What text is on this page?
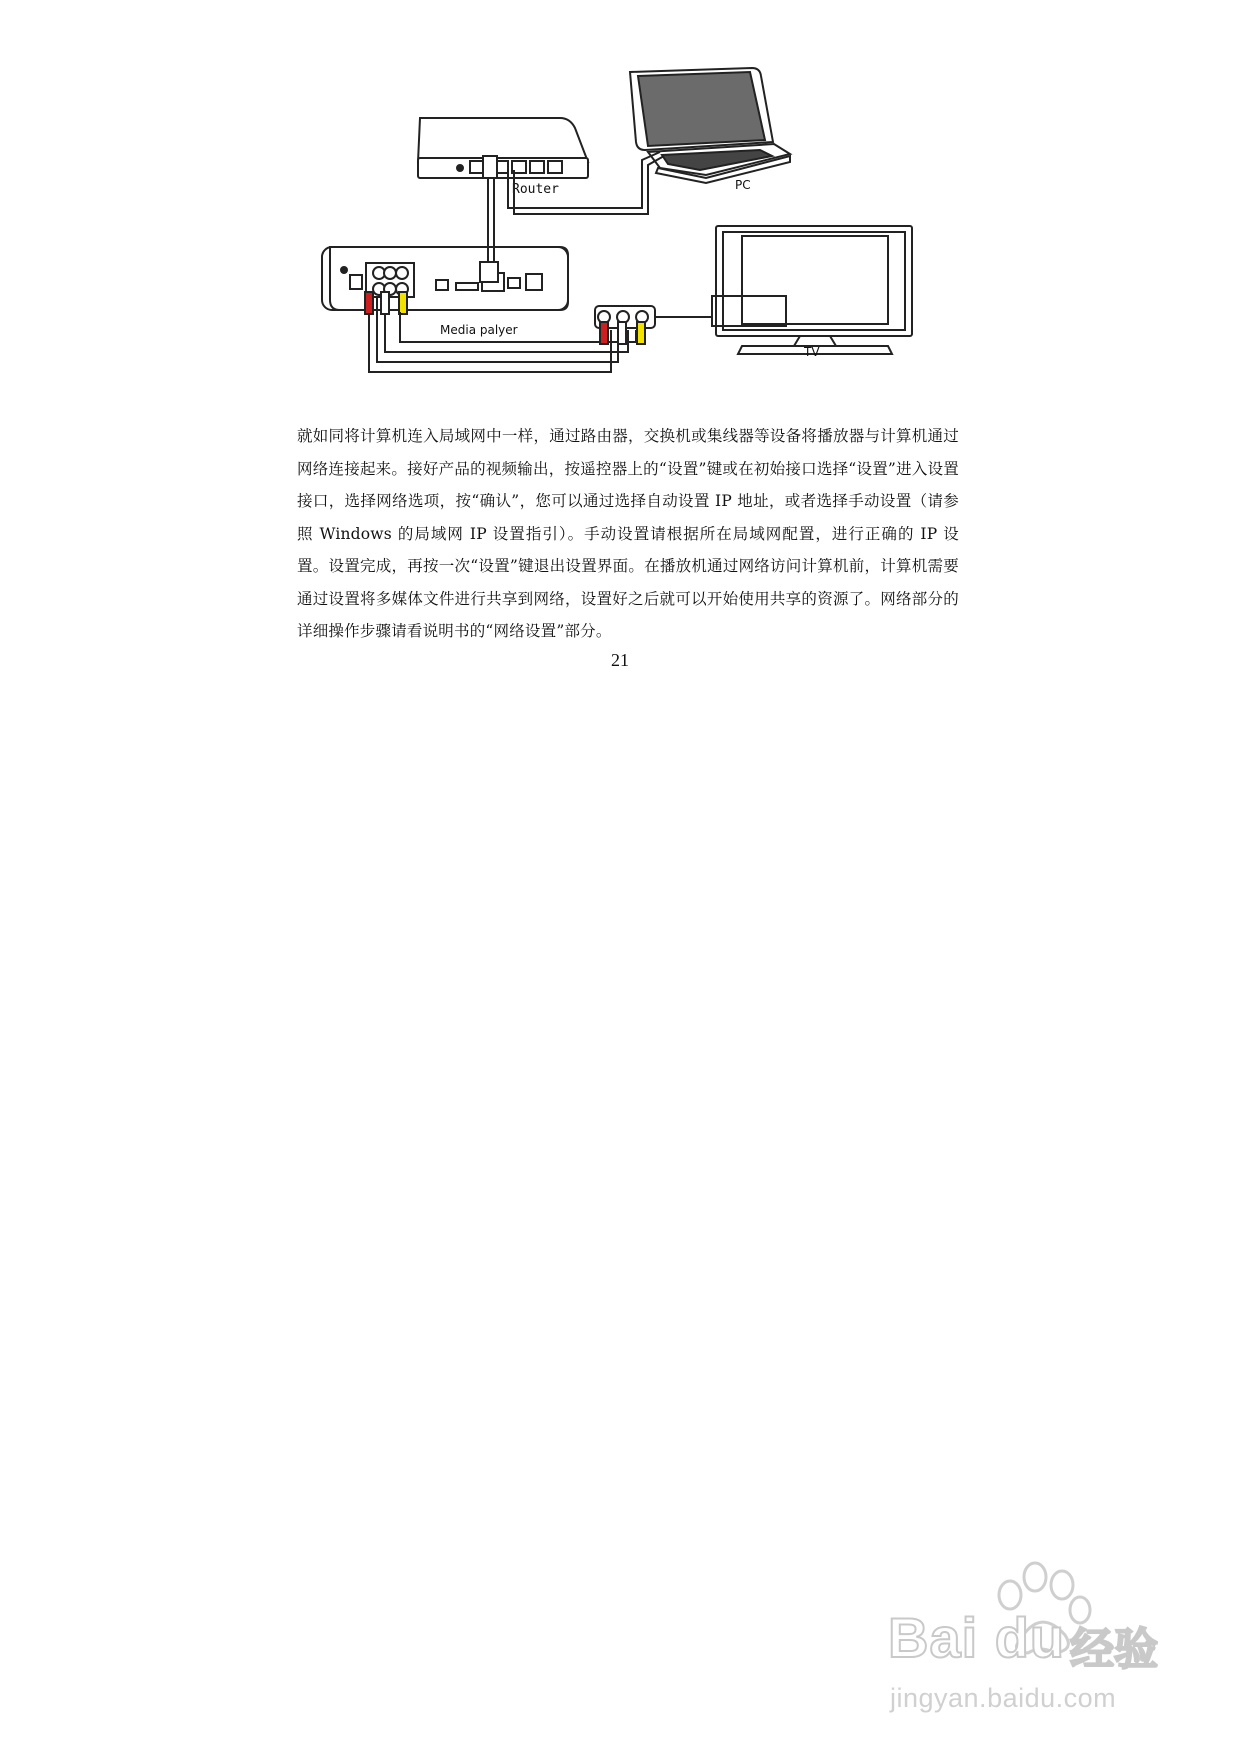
Router	PC
Media palyer
TV

就如同将计算机连入局域网中一样，通过路由器，交换机或集线器等设备将播放器与计算机通过网络连接起来。接好产品的视频输出，按遥控器上的“设置”键或在初始接口选择“设置”进入设置接口，选择网络选项，按“确认”，您可以通过选择自动设置 IP 地址，或者选择手动设置（请参照 Windows 的局域网 IP 设置指引）。手动设置请根据所在局域网配置，进行正确的 IP 设置。设置完成，再按一次“设置”键退出设置界面。在播放机通过网络访问计算机前，计算机需要通过设置将多媒体文件进行共享到网络，设置好之后就可以开始使用共享的资源了。网络部分的详细操作步骤请看说明书的“网络设置”部分。

21
Bai du 经验
jingyan.baidu.com
